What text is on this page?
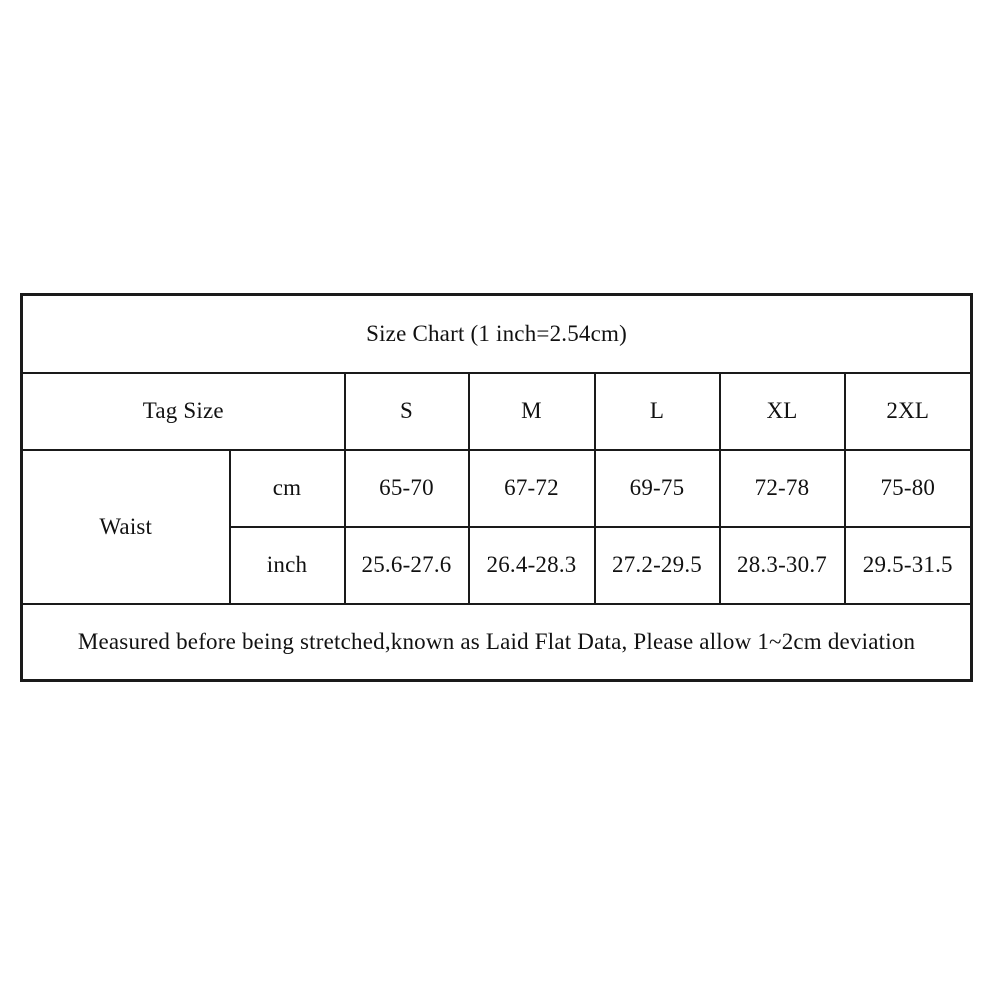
Size Chart (1 inch=2.54cm)						
Tag Size		S	M	L	XL	2XL
Waist	cm	65-70	67-72	69-75	72-78	75-80
	inch	25.6-27.6	26.4-28.3	27.2-29.5	28.3-30.7	29.5-31.5
Measured before being stretched,known as Laid Flat Data, Please allow 1~2cm deviation						
